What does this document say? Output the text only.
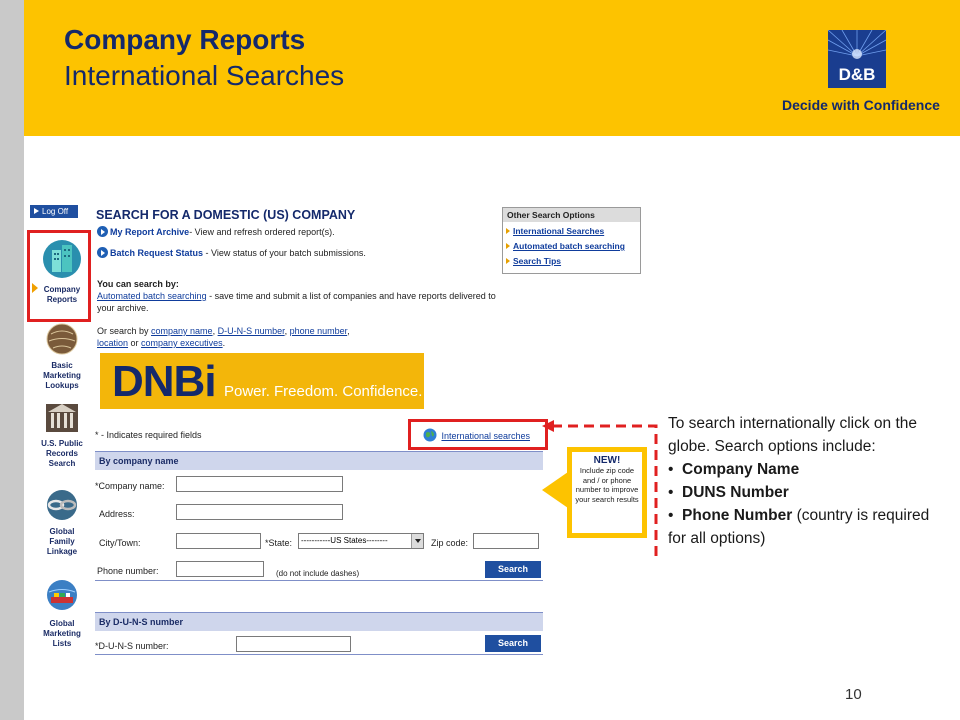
Company Reports
International Searches	D&B
Decide with Confidence
Log Off
Company Reports
Basic Marketing Lookups
U.S. Public Records Search
Global Family Linkage
Global Marketing Lists
SEARCH FOR A DOMESTIC (US) COMPANY
My Report Archive- View and refresh ordered report(s).
Batch Request Status - View status of your batch submissions.
You can search by:
Automated batch searching - save time and submit a list of companies and have reports delivered to your archive.
Or search by company name, D-U-N-S number, phone number,
location or company executives.
DNBi Power. Freedom. Confidence.
Other Search Options
International Searches
Automated batch searching
Search Tips
* - Indicates required fields	International searches
By company name
*Company name:
Address:
City/Town:	*State:	-----------US States--------	Zip code:
Phone number:	(do not include dashes)	Search
By D-U-N-S number
*D-U-N-S number:	Search
NEW!
Include zip code and / or phone number to improve your search results
To search internationally click on the globe. Search options include:
•  Company Name
•  DUNS Number
•  Phone Number (country is required for all options)
10
